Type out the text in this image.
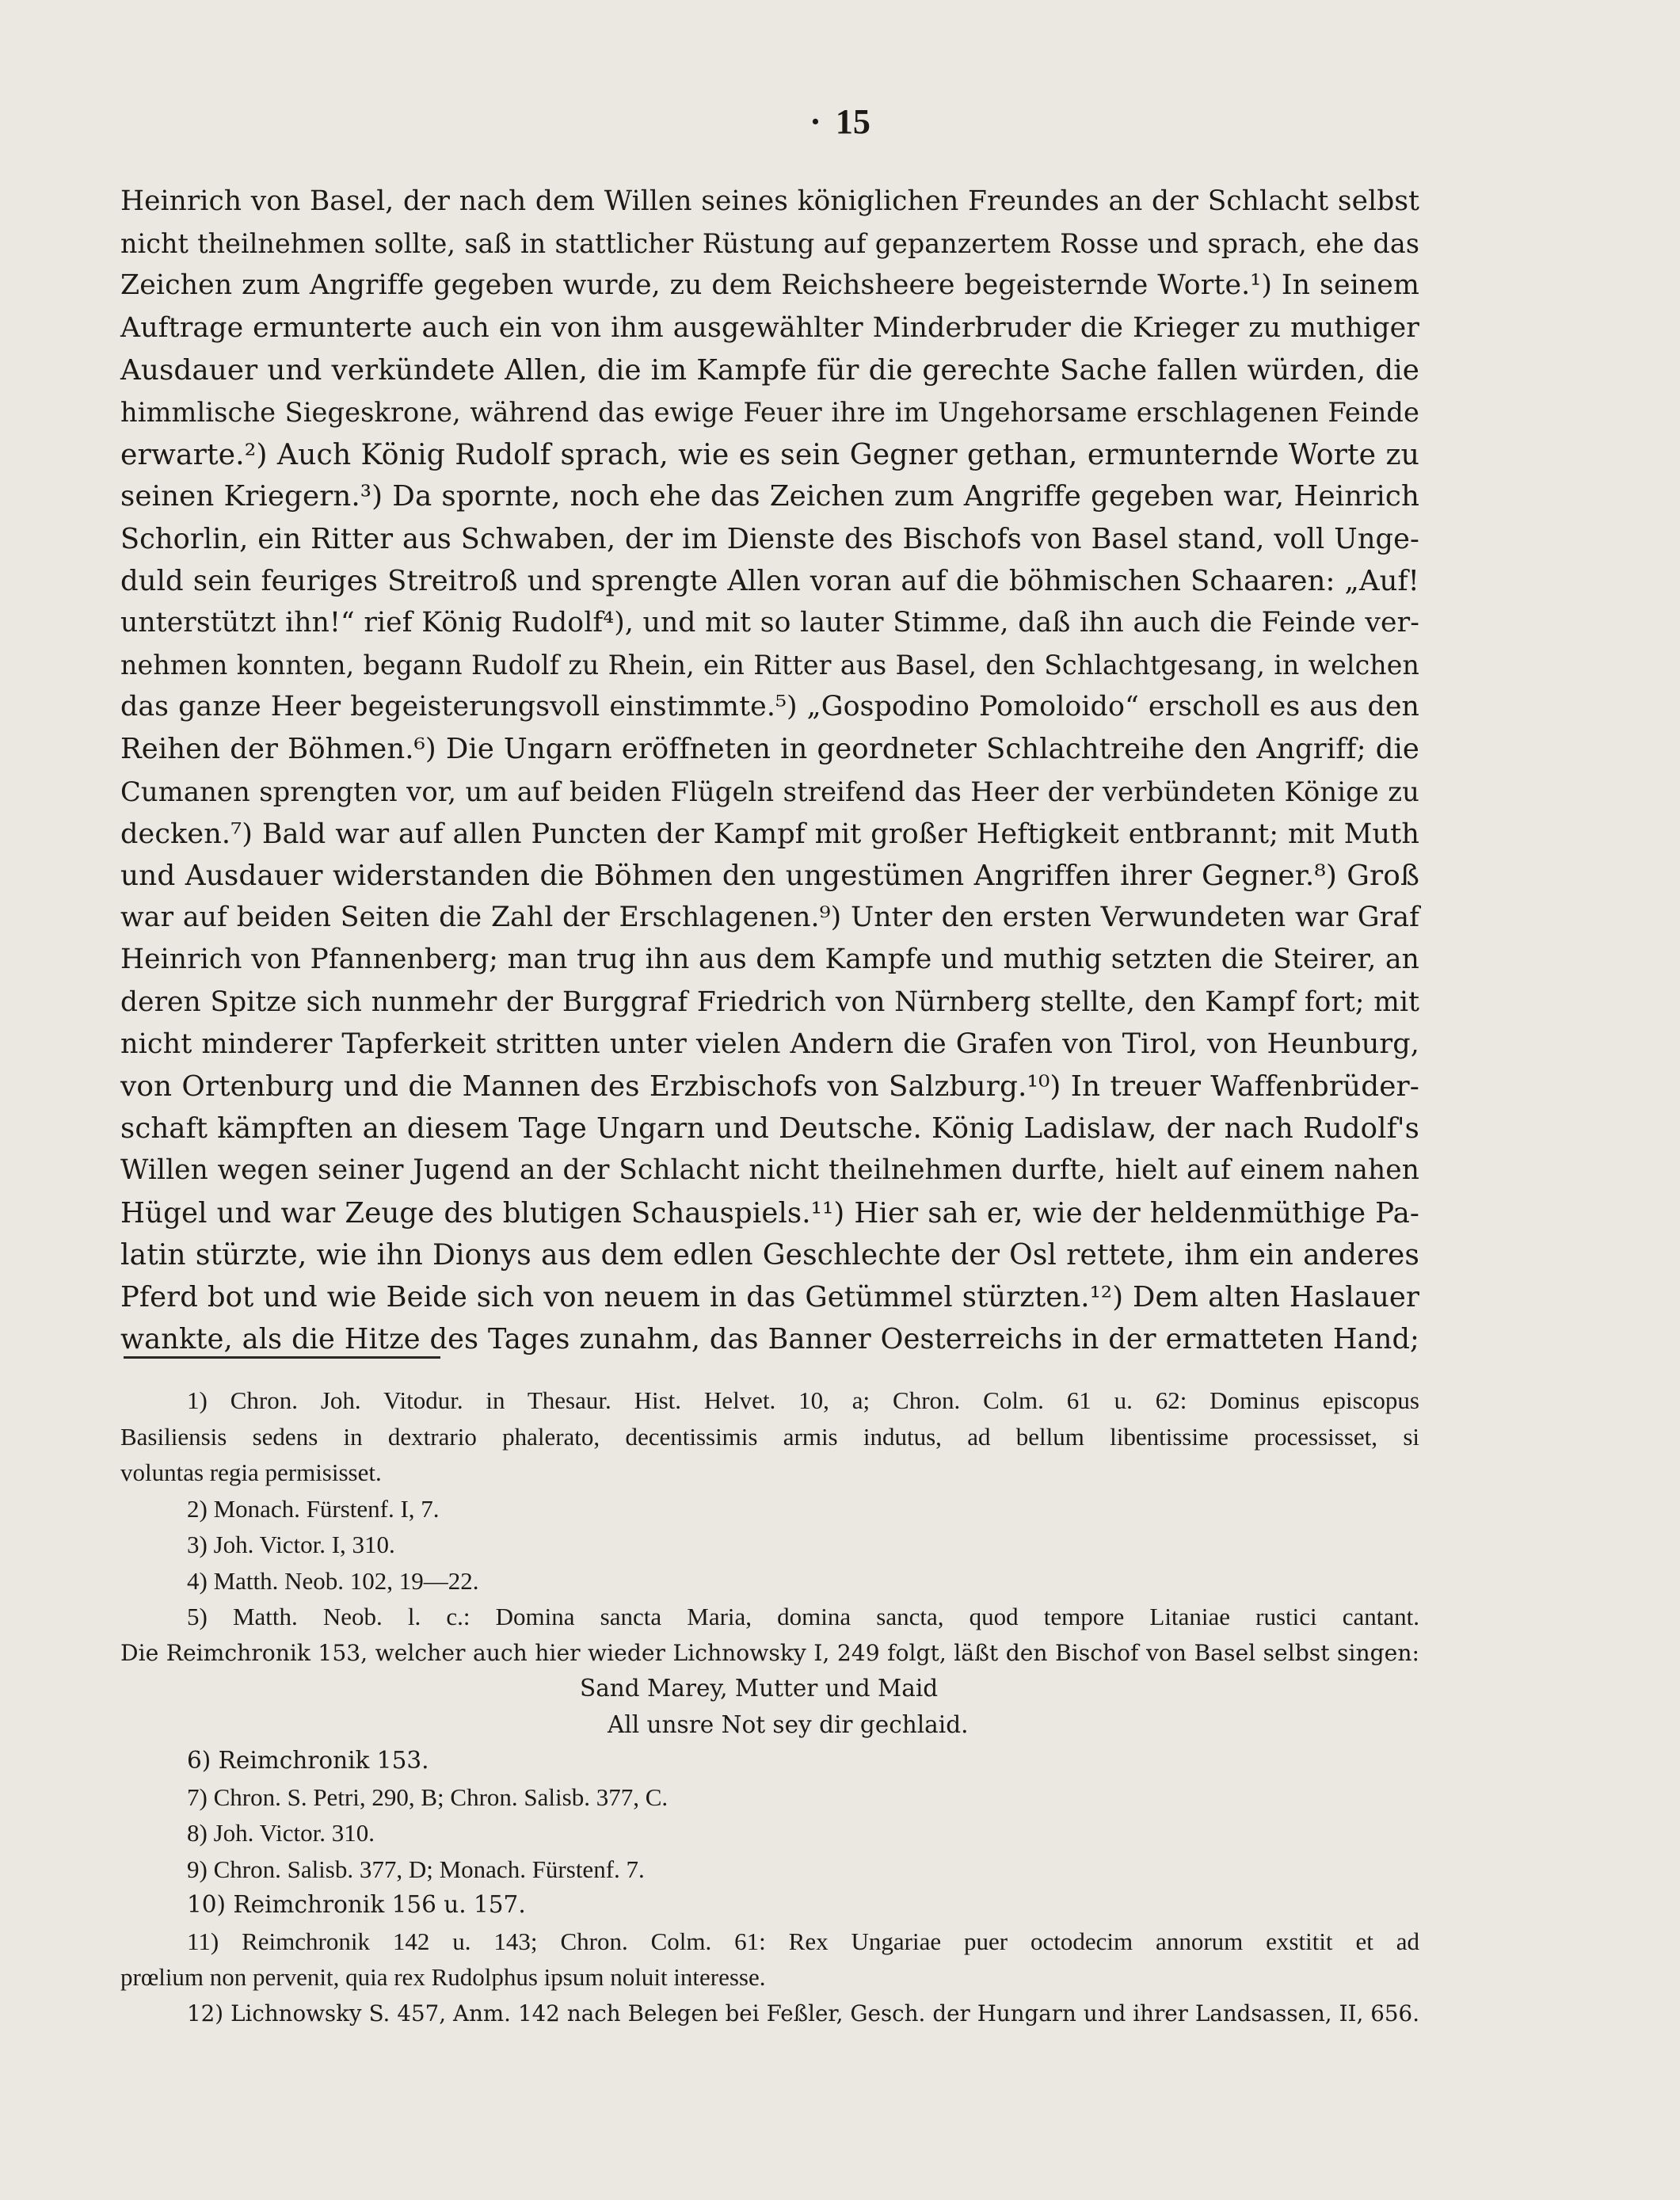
· 15
Heinrich von Basel, der nach dem Willen seines königlichen Freundes an der Schlacht selbst
nicht theilnehmen sollte, saß in stattlicher Rüstung auf gepanzertem Rosse und sprach, ehe das
Zeichen zum Angriffe gegeben wurde, zu dem Reichsheere begeisternde Worte.¹) In seinem
Auftrage ermunterte auch ein von ihm ausgewählter Minderbruder die Krieger zu muthiger
Ausdauer und verkündete Allen, die im Kampfe für die gerechte Sache fallen würden, die
himmlische Siegeskrone, während das ewige Feuer ihre im Ungehorsame erschlagenen Feinde
erwarte.²) Auch König Rudolf sprach, wie es sein Gegner gethan, ermunternde Worte zu
seinen Kriegern.³) Da spornte, noch ehe das Zeichen zum Angriffe gegeben war, Heinrich
Schorlin, ein Ritter aus Schwaben, der im Dienste des Bischofs von Basel stand, voll Unge-
duld sein feuriges Streitroß und sprengte Allen voran auf die böhmischen Schaaren: „Auf!
unterstützt ihn!“ rief König Rudolf⁴), und mit so lauter Stimme, daß ihn auch die Feinde ver-
nehmen konnten, begann Rudolf zu Rhein, ein Ritter aus Basel, den Schlachtgesang, in welchen
das ganze Heer begeisterungsvoll einstimmte.⁵) „Gospodino Pomoloido“ erscholl es aus den
Reihen der Böhmen.⁶) Die Ungarn eröffneten in geordneter Schlachtreihe den Angriff; die
Cumanen sprengten vor, um auf beiden Flügeln streifend das Heer der verbündeten Könige zu
decken.⁷) Bald war auf allen Puncten der Kampf mit großer Heftigkeit entbrannt; mit Muth
und Ausdauer widerstanden die Böhmen den ungestümen Angriffen ihrer Gegner.⁸) Groß
war auf beiden Seiten die Zahl der Erschlagenen.⁹) Unter den ersten Verwundeten war Graf
Heinrich von Pfannenberg; man trug ihn aus dem Kampfe und muthig setzten die Steirer, an
deren Spitze sich nunmehr der Burggraf Friedrich von Nürnberg stellte, den Kampf fort; mit
nicht minderer Tapferkeit stritten unter vielen Andern die Grafen von Tirol, von Heunburg,
von Ortenburg und die Mannen des Erzbischofs von Salzburg.¹⁰) In treuer Waffenbrüder-
schaft kämpften an diesem Tage Ungarn und Deutsche. König Ladislaw, der nach Rudolf's
Willen wegen seiner Jugend an der Schlacht nicht theilnehmen durfte, hielt auf einem nahen
Hügel und war Zeuge des blutigen Schauspiels.¹¹) Hier sah er, wie der heldenmüthige Pa-
latin stürzte, wie ihn Dionys aus dem edlen Geschlechte der Osl rettete, ihm ein anderes
Pferd bot und wie Beide sich von neuem in das Getümmel stürzten.¹²) Dem alten Haslauer
wankte, als die Hitze des Tages zunahm, das Banner Oesterreichs in der ermatteten Hand;
1) Chron. Joh. Vitodur. in Thesaur. Hist. Helvet. 10, a; Chron. Colm. 61 u. 62: Dominus episcopus
Basiliensis sedens in dextrario phalerato, decentissimis armis indutus, ad bellum libentissime processisset, si
voluntas regia permisisset.
2) Monach. Fürstenf. I, 7.
3) Joh. Victor. I, 310.
4) Matth. Neob. 102, 19—22.
5) Matth. Neob. l. c.: Domina sancta Maria, domina sancta, quod tempore Litaniae rustici cantant.
Die Reimchronik 153, welcher auch hier wieder Lichnowsky I, 249 folgt, läßt den Bischof von Basel selbst singen:
Sand Marey, Mutter und Maid
All unsre Not sey dir gechlaid.
6) Reimchronik 153.
7) Chron. S. Petri, 290, B; Chron. Salisb. 377, C.
8) Joh. Victor. 310.
9) Chron. Salisb. 377, D; Monach. Fürstenf. 7.
10) Reimchronik 156 u. 157.
11) Reimchronik 142 u. 143; Chron. Colm. 61: Rex Ungariae puer octodecim annorum exstitit et ad
prœlium non pervenit, quia rex Rudolphus ipsum noluit interesse.
12) Lichnowsky S. 457, Anm. 142 nach Belegen bei Feßler, Gesch. der Hungarn und ihrer Landsassen, II, 656.
